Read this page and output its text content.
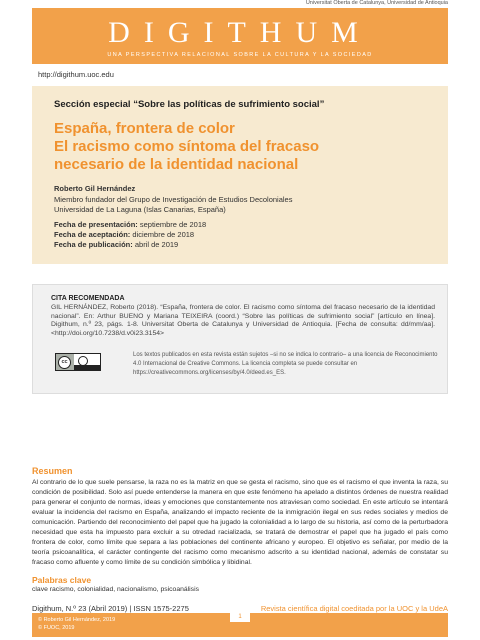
Universitat Oberta de Catalunya, Universidad de Antioquia
DIGITHUM
UNA PERSPECTIVA RELACIONAL SOBRE LA CULTURA Y LA SOCIEDAD
http://digithum.uoc.edu
Sección especial “Sobre las políticas de sufrimiento social”
España, frontera de color
El racismo como síntoma del fracaso
necesario de la identidad nacional
Roberto Gil Hernández
Miembro fundador del Grupo de Investigación de Estudios Decoloniales
Universidad de La Laguna (Islas Canarias, España)
Fecha de presentación: septiembre de 2018
Fecha de aceptación: diciembre de 2018
Fecha de publicación: abril de 2019
CITA RECOMENDADA
GIL HERNÁNDEZ, Roberto (2018). “España, frontera de color. El racismo como síntoma del fracaso necesario de la identidad nacional”. En: Arthur BUENO y Mariana TEIXEIRA (coord.) “Sobre las políticas de sufrimiento social” [artículo en línea]. Digithum, n.º 23, págs. 1-8. Universitat Oberta de Catalunya y Universidad de Antioquia. [Fecha de consulta: dd/mm/aa]. <http://doi.org/10.7238/d.v0i23.3154>
cc
Los textos publicados en esta revista están sujetos –si no se indica lo contrario– a una licencia de Reconocimiento 4.0 Internacional de Creative Commons. La licencia completa se puede consultar en https://creativecommons.org/licenses/by/4.0/deed.es_ES.
Resumen
Al contrario de lo que suele pensarse, la raza no es la matriz en que se gesta el racismo, sino que es el racismo el que inventa la raza, su condición de posibilidad. Solo así puede entenderse la manera en que este fenómeno ha apelado a distintos órdenes de nuestra realidad para generar el conjunto de normas, ideas y emociones que constantemente nos atraviesan como sociedad. En este artículo se intentará evaluar la incidencia del racismo en España, analizando el impacto reciente de la inmigración ilegal en sus redes sociales y medios de comunicación. Partiendo del reconocimiento del papel que ha jugado la colonialidad a lo largo de su historia, así como de la perturbadora necesidad que esta ha impuesto para excluir a su otredad racializada, se tratará de demostrar el papel que ha jugado el país como frontera de color, como límite que separa a las poblaciones del continente africano y europeo. El objetivo es señalar, por medio de la teoría psicoanalítica, el carácter contingente del racismo como mecanismo adscrito a su identidad nacional, además de constatar su fracaso como afluente y como límite de su condición simbólica y libidinal.
Palabras clave
clave racismo, colonialidad, nacionalismo, psicoanálisis
Digithum, N.º 23 (Abril 2019) | ISSN 1575-2275	Revista científica digital coeditada por la UOC y la UdeA
© Roberto Gil Hernández, 2019
© FUOC, 2019
1
